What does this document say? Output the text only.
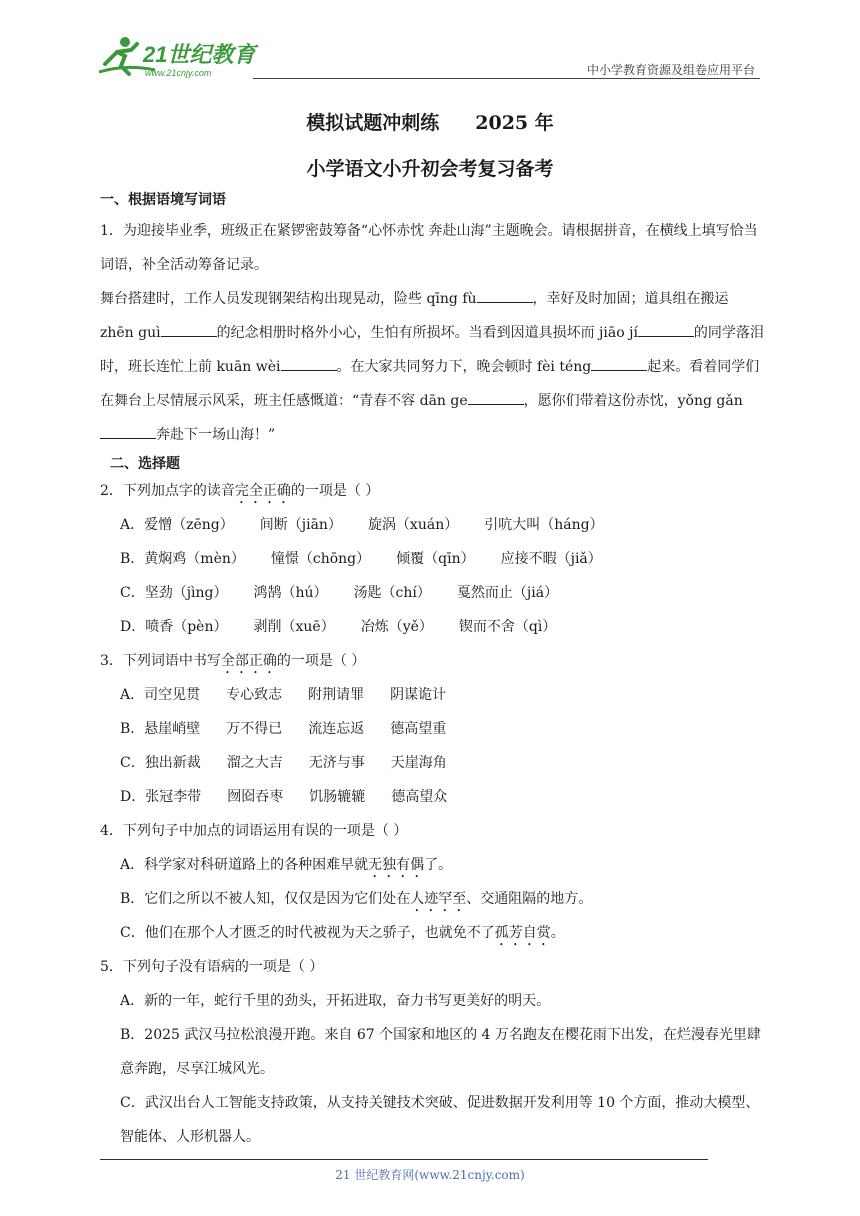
21世纪教育
www.21cnjy.com	中小学教育资源及组卷应用平台
模拟试题冲刺练 2025 年
小学语文小升初会考复习备考

一、根据语境写词语

1．为迎接毕业季，班级正在紧锣密鼓筹备“心怀赤忱 奔赴山海”主题晚会。请根据拼音，在横线上填写恰当词语，补全活动筹备记录。

舞台搭建时，工作人员发现钢架结构出现晃动，险些 qīng fù	，幸好及时加固；道具组在搬运 zhēn guì	的纪念相册时格外小心，生怕有所损坏。当看到因道具损坏而 jiāo jí	的同学落泪时，班长连忙上前 kuān wèi	。在大家共同努力下，晚会顿时 fèi téng	起来。看着同学们在舞台上尽情展示风采，班主任感慨道：“青春不容 dān ge	，愿你们带着这份赤忱，yǒng gǎn奔赴下一场山海！”

二、选择题

2．下列加点字的读音完全正确的一项是（ ）

A．爱憎（zēng） 间断（jiān） 旋涡（xuán） 引吭大叫（háng）

B．黄焖鸡（mèn） 憧憬（chōng） 倾覆（qīn） 应接不暇（jiǎ）

C．坚劲（jìng） 鸿鹄（hú） 汤匙（chí） 戛然而止（jiá）

D．喷香（pèn） 剥削（xuē） 冶炼（yě） 锲而不舍（qì）

3．下列词语中书写全部正确的一项是（ ）

A．司空见贯 专心致志 附荆请罪 阴谋诡计

B．悬崖峭壁 万不得已 流连忘返 德高望重

C．独出新裁 溜之大吉 无济与事 天崖海角

D．张冠李带 囫囵吞枣 饥肠辘辘 德高望众

4．下列句子中加点的词语运用有误的一项是（ ）

A．科学家对科研道路上的各种困难早就无独有偶了。

B．它们之所以不被人知，仅仅是因为它们处在人迹罕至、交通阻隔的地方。

C．他们在那个人才匮乏的时代被视为天之骄子，也就免不了孤芳自赏。

5．下列句子没有语病的一项是（ ）

A．新的一年，蛇行千里的劲头，开拓进取，奋力书写更美好的明天。

B．2025 武汉马拉松浪漫开跑。来自 67 个国家和地区的 4 万名跑友在樱花雨下出发，在烂漫春光里肆意奔跑，尽享江城风光。

C．武汉出台人工智能支持政策，从支持关键技术突破、促进数据开发利用等 10 个方面，推动大模型、智能体、人形机器人。

21 世纪教育网(www.21cnjy.com)
